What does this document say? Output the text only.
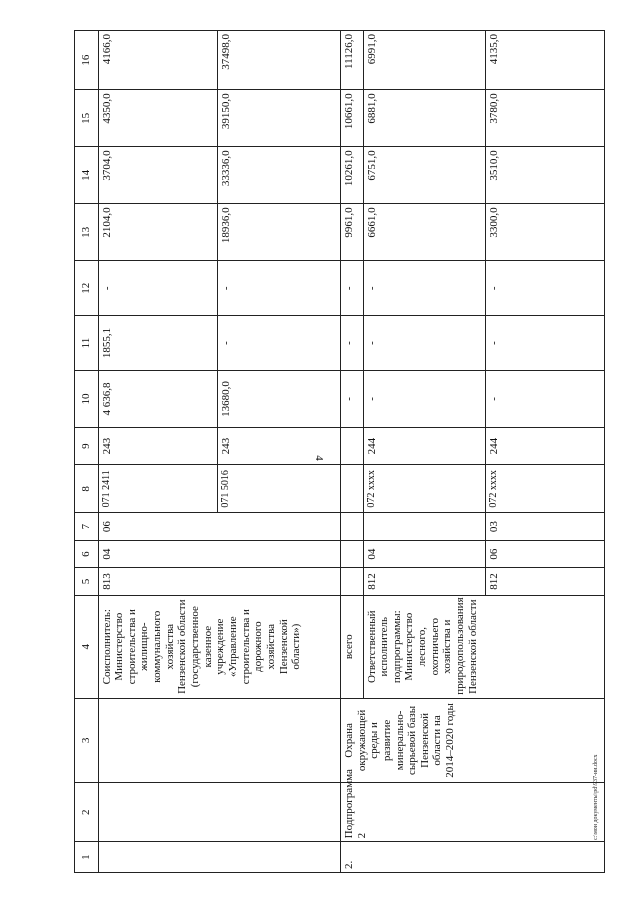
4
1	2	3	4	5	6	7	8	9	10	11	12	13	14	15	16
			Соисполнитель: Министерство строительства и жилищно-коммунального хозяйства Пензенской области (государственное казенное учреждение «Управление строительства и дорожного хозяйства Пензенской области»)	813	04	06	071 2411	243	4 636,8	1855,1	-	2104,0	3704,0	4350,0	4166,0
							071 5016	243	13680,0	-	-	18936,0	33336,0	39150,0	37498,0
2.	Подпрограмма 2	Охрана окружающей среды и развитие минерально-сырьевой базы Пензенской области на 2014–2020 годы	всего						-	-	-	9961,0	10261,0	10661,0	11126,0
			Ответственный исполнитель подпрограммы: Министерство лесного, охотничьего хозяйства и природопользования Пензенской области	812	04		072 хххх	244	-	-	-	6661,0	6751,0	6881,0	6991,0
				812	06	03	072 хххх	244	-	-	-	3300,0	3510,0	3780,0	4135,0
c:\мои документы\pd\937-ии.docx
